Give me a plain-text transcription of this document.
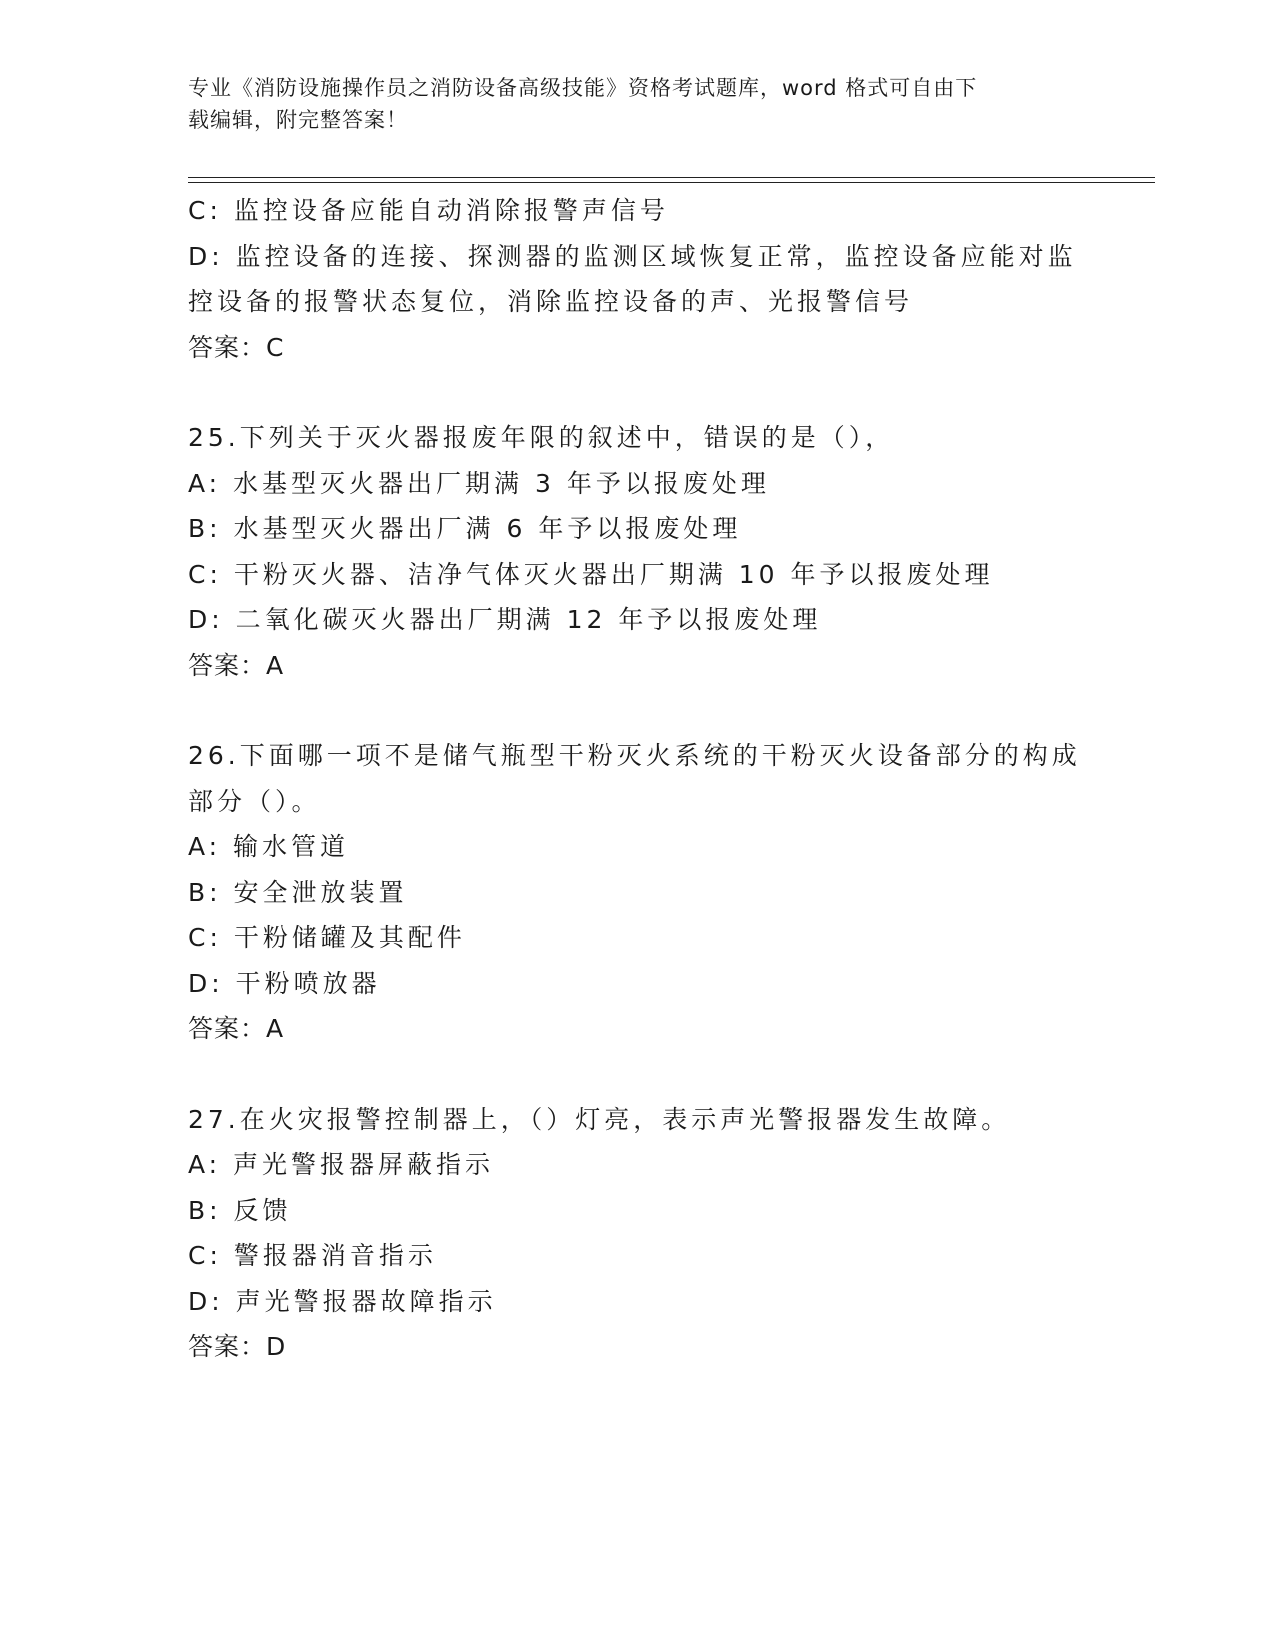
专业《消防设施操作员之消防设备高级技能》资格考试题库，word 格式可自由下
载编辑，附完整答案！
C: 监控设备应能自动消除报警声信号
D: 监控设备的连接、探测器的监测区域恢复正常，监控设备应能对监
控设备的报警状态复位，消除监控设备的声、光报警信号
答案：C
25.下列关于灭火器报废年限的叙述中，错误的是（），
A: 水基型灭火器出厂期满 3 年予以报废处理
B: 水基型灭火器出厂满 6 年予以报废处理
C: 干粉灭火器、洁净气体灭火器出厂期满 10 年予以报废处理
D: 二氧化碳灭火器出厂期满 12 年予以报废处理
答案：A
26.下面哪一项不是储气瓶型干粉灭火系统的干粉灭火设备部分的构成
部分（）。
A: 输水管道
B: 安全泄放装置
C: 干粉储罐及其配件
D: 干粉喷放器
答案：A
27.在火灾报警控制器上，（）灯亮，表示声光警报器发生故障。
A: 声光警报器屏蔽指示
B: 反馈
C: 警报器消音指示
D: 声光警报器故障指示
答案：D
